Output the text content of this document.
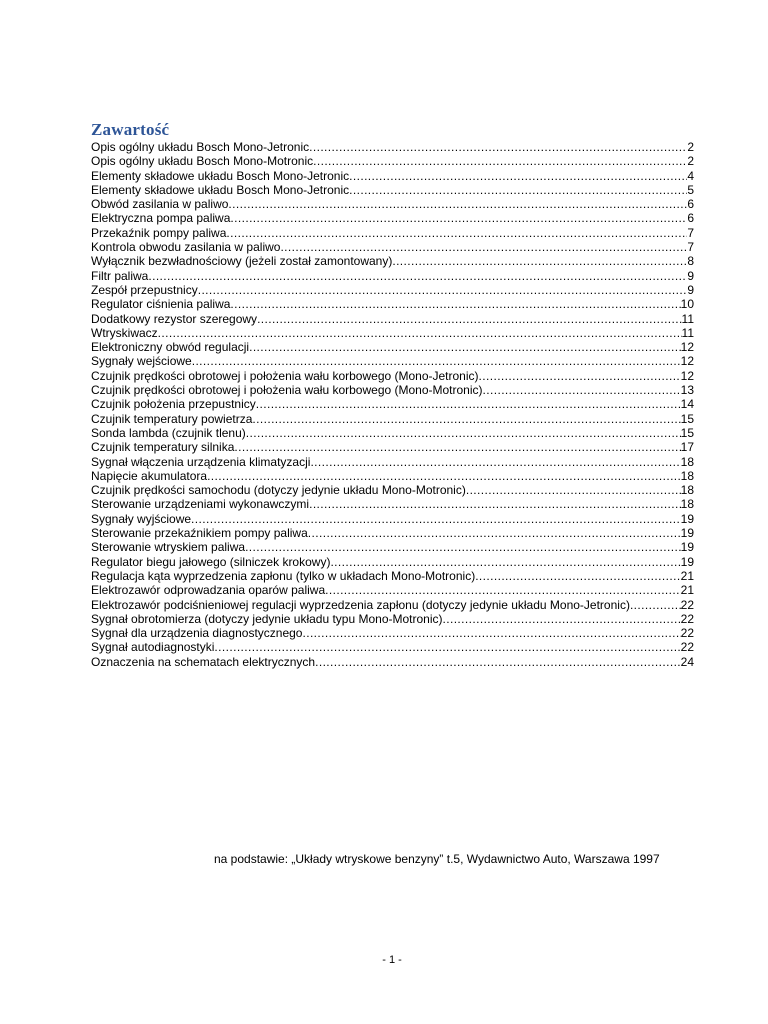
Zawartość
Opis ogólny układu Bosch Mono-Jetronic .....	2
Opis ogólny układu Bosch Mono-Motronic .....	2
Elementy składowe układu Bosch Mono-Jetronic .....	4
Elementy składowe układu Bosch Mono-Jetronic .....	5
Obwód zasilania w paliwo .....	6
Elektryczna pompa paliwa .....	6
Przekaźnik pompy paliwa .....	7
Kontrola obwodu zasilania w paliwo .....	7
Wyłącznik bezwładnościowy (jeżeli został zamontowany) .....	8
Filtr paliwa .....	9
Zespół przepustnicy .....	9
Regulator ciśnienia paliwa .....	10
Dodatkowy rezystor szeregowy .....	11
Wtryskiwacz .....	11
Elektroniczny obwód regulacji .....	12
Sygnały wejściowe .....	12
Czujnik prędkości obrotowej i położenia wału korbowego (Mono-Jetronic) .....	12
Czujnik prędkości obrotowej i położenia wału korbowego (Mono-Motronic) .....	13
Czujnik położenia przepustnicy .....	14
Czujnik temperatury powietrza .....	15
Sonda lambda (czujnik tlenu) .....	15
Czujnik temperatury silnika .....	17
Sygnał włączenia urządzenia klimatyzacji .....	18
Napięcie akumulatora .....	18
Czujnik prędkości samochodu (dotyczy jedynie układu Mono-Motronic) .....	18
Sterowanie urządzeniami wykonawczymi .....	18
Sygnały wyjściowe .....	19
Sterowanie przekaźnikiem pompy paliwa .....	19
Sterowanie wtryskiem paliwa .....	19
Regulator biegu jałowego (silniczek krokowy) .....	19
Regulacja kąta wyprzedzenia zapłonu (tylko w układach Mono-Motronic) .....	21
Elektrozawór odprowadzania oparów paliwa .....	21
Elektrozawór podciśnieniowej regulacji wyprzedzenia zapłonu (dotyczy jedynie układu Mono-Jetronic) .....	22
Sygnał obrotomierza (dotyczy jedynie układu typu Mono-Motronic) .....	22
Sygnał dla urządzenia diagnostycznego .....	22
Sygnał autodiagnostyki .....	22
Oznaczenia na schematach elektrycznych .....	24
na podstawie: „Układy wtryskowe benzyny” t.5, Wydawnictwo Auto, Warszawa 1997
- 1 -
